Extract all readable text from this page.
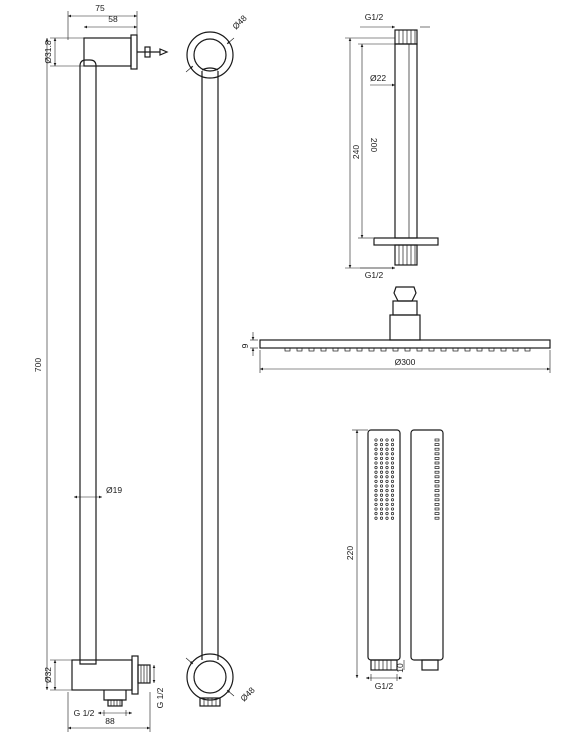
75
58
Ø31.8
700
Ø19
Ø32
G 1/2
G 1/2
88
Ø48
Ø48
G1/2
Ø22
240 200
G1/2
9
Ø300
220
10
G1/2
